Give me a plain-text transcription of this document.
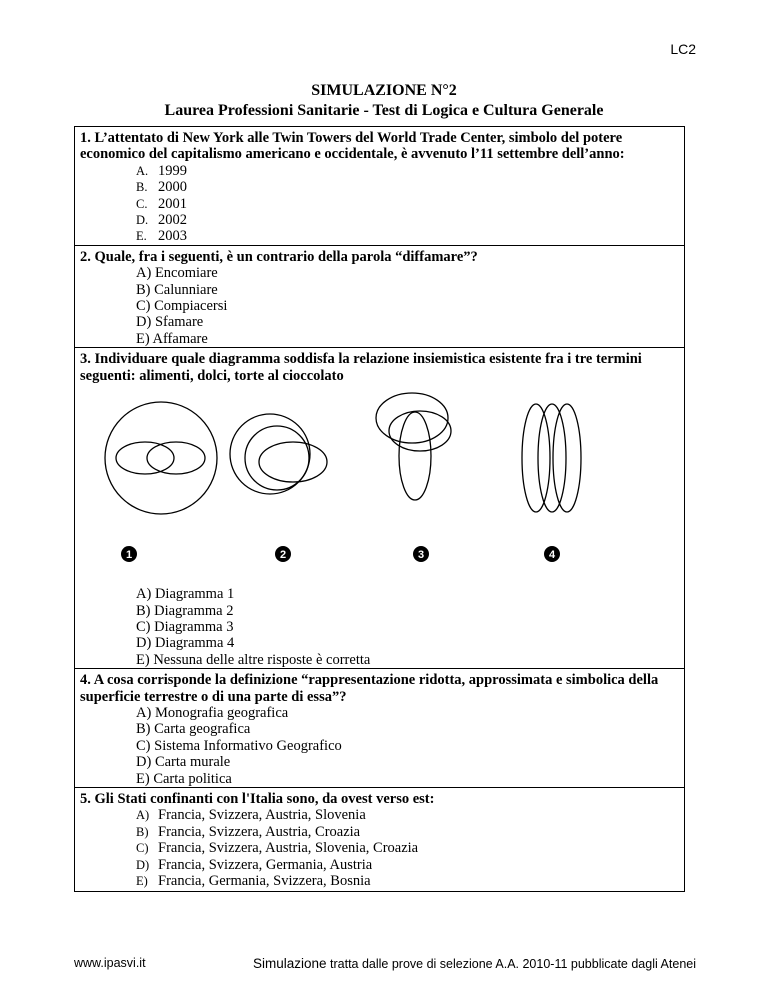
LC2
SIMULAZIONE N°2
Laurea Professioni Sanitarie - Test di Logica e Cultura Generale
1. L’attentato di New York alle Twin Towers del World Trade Center, simbolo del potere economico del capitalismo americano e occidentale, è avvenuto l’11 settembre dell’anno:
A. 1999
B. 2000
C. 2001
D. 2002
E. 2003
2. Quale, fra i seguenti, è un contrario della parola “diffamare”?
A) Encomiare
B) Calunniare
C) Compiacersi
D) Sfamare
E) Affamare
3. Individuare quale diagramma soddisfa la relazione insiemistica esistente fra i tre termini seguenti: alimenti, dolci, torte al cioccolato
1	2	3	4
A) Diagramma 1
B) Diagramma 2
C) Diagramma 3
D) Diagramma 4
E) Nessuna delle altre risposte è corretta
4. A cosa corrisponde la definizione “rappresentazione ridotta, approssimata e simbolica della superficie terrestre o di una parte di essa”?
A) Monografia geografica
B) Carta geografica
C) Sistema Informativo Geografico
D) Carta murale
E) Carta politica
5. Gli Stati confinanti con l'Italia sono, da ovest verso est:
A) Francia, Svizzera, Austria, Slovenia
B) Francia, Svizzera, Austria, Croazia
C) Francia, Svizzera, Austria, Slovenia, Croazia
D) Francia, Svizzera, Germania, Austria
E) Francia, Germania, Svizzera, Bosnia
www.ipasvi.it	Simulazione tratta dalle prove di selezione A.A. 2010-11 pubblicate dagli Atenei
